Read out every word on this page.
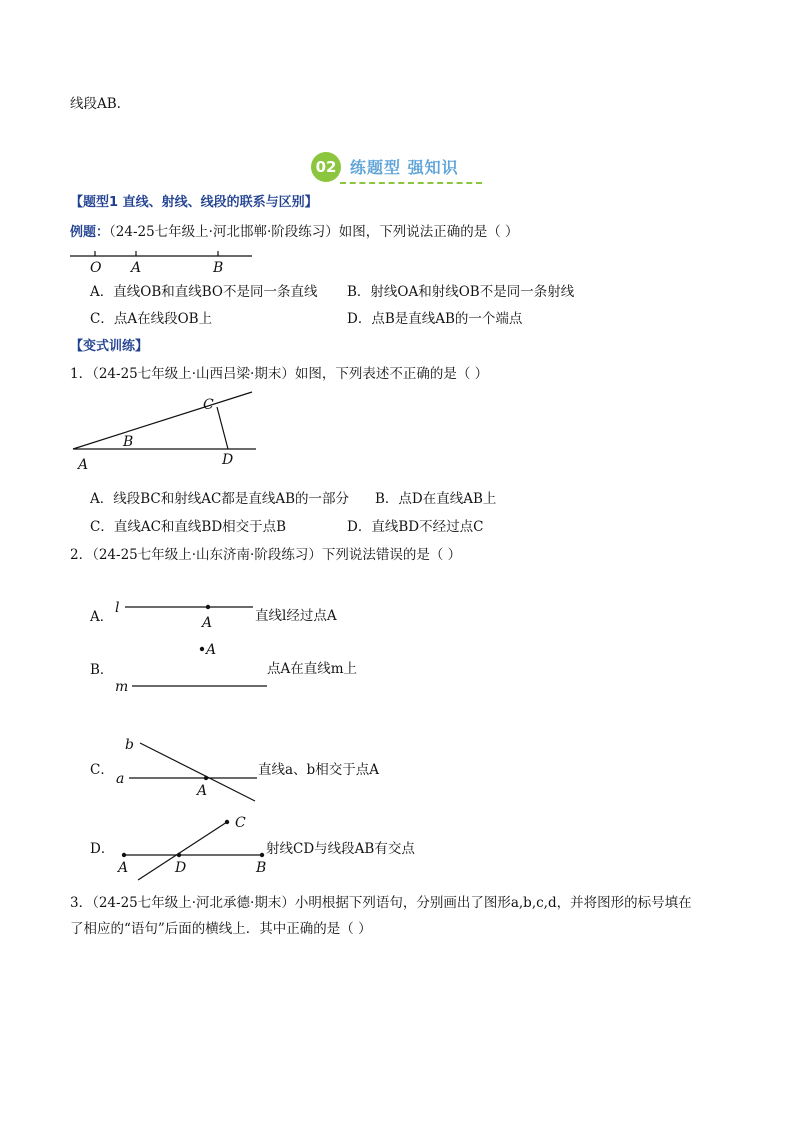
线段AB.
02 练题型 强知识
【题型1 直线、射线、线段的联系与区别】
例题：（24-25七年级上·河北邯郸·阶段练习）如图，下列说法正确的是（ ）
O A	B
A．直线OB和直线BO不是同一条直线 B．射线OA和射线OB不是同一条射线
C．点A在线段OB上	D．点B是直线AB的一个端点
【变式训练】
1．（24-25七年级上·山西吕梁·期末）如图，下列表述不正确的是（ ）
C
B
D
A
A．线段BC和射线AC都是直线AB的一部分 B．点D在直线AB上
C．直线AC和直线BD相交于点B	D．直线BD不经过点C
2．（24-25七年级上·山东济南·阶段练习）下列说法错误的是（ ）
A．
l
A	直线l经过点A
B．
A
m
点A在直线m上
C．
b
a
A
直线a、b相交于点A
D．
C
A	D	B
射线CD与线段AB有交点
3．（24-25七年级上·河北承德·期末）小明根据下列语句，分别画出了图形a,b,c,d，并将图形的标号填在
了相应的“语句”后面的横线上．其中正确的是（ ）
